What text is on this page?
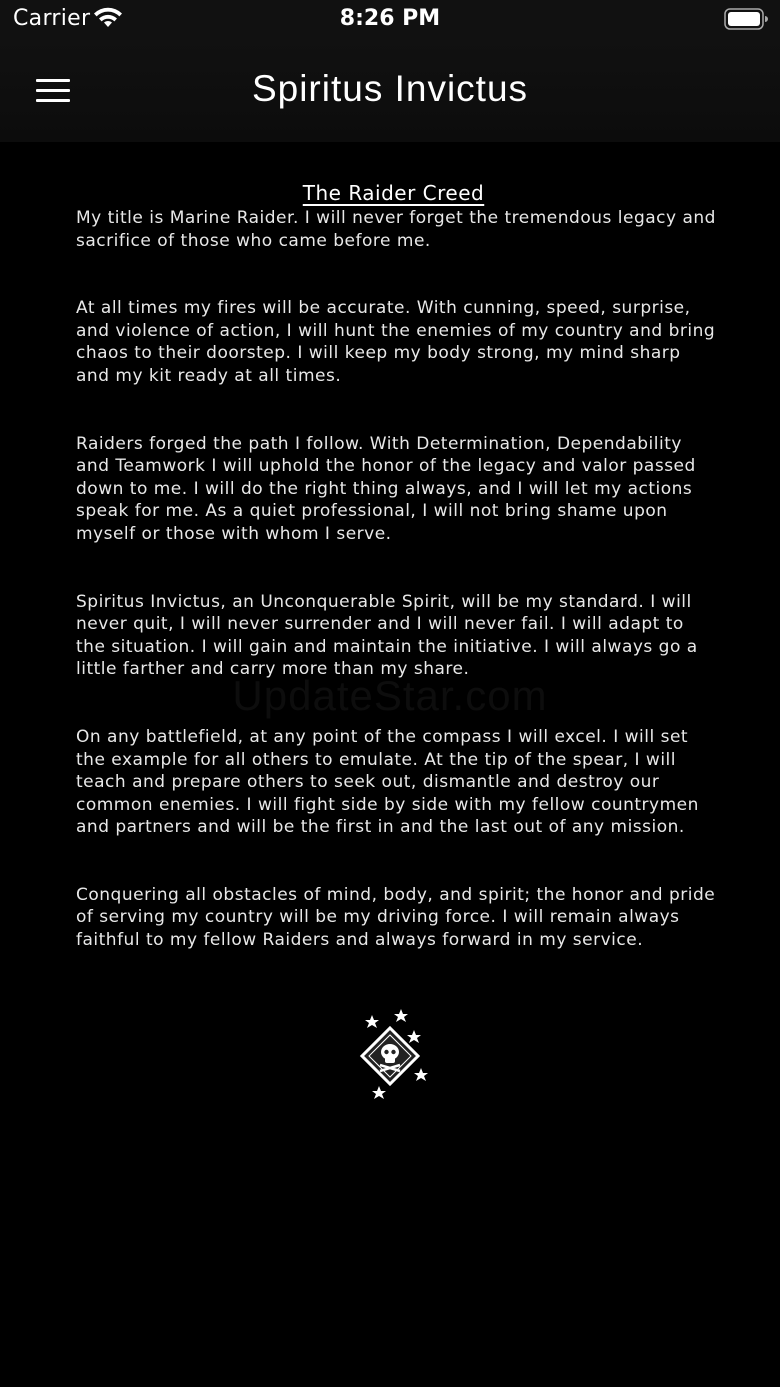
Carrier	8:26 PM
Spiritus Invictus
UpdateStar.com
The Raider Creed

My title is Marine Raider. I will never forget the tremendous legacy and sacrifice of those who came before me.

At all times my fires will be accurate. With cunning, speed, surprise, and violence of action, I will hunt the enemies of my country and bring chaos to their doorstep. I will keep my body strong, my mind sharp and my kit ready at all times.

Raiders forged the path I follow. With Determination, Dependability and Teamwork I will uphold the honor of the legacy and valor passed down to me. I will do the right thing always, and I will let my actions speak for me. As a quiet professional, I will not bring shame upon myself or those with whom I serve.

Spiritus Invictus, an Unconquerable Spirit, will be my standard. I will never quit, I will never surrender and I will never fail. I will adapt to the situation. I will gain and maintain the initiative. I will always go a little farther and carry more than my share.

On any battlefield, at any point of the compass I will excel. I will set the example for all others to emulate. At the tip of the spear, I will teach and prepare others to seek out, dismantle and destroy our common enemies. I will fight side by side with my fellow countrymen and partners and will be the first in and the last out of any mission.

Conquering all obstacles of mind, body, and spirit; the honor and pride of serving my country will be my driving force. I will remain always faithful to my fellow Raiders and always forward in my service.
